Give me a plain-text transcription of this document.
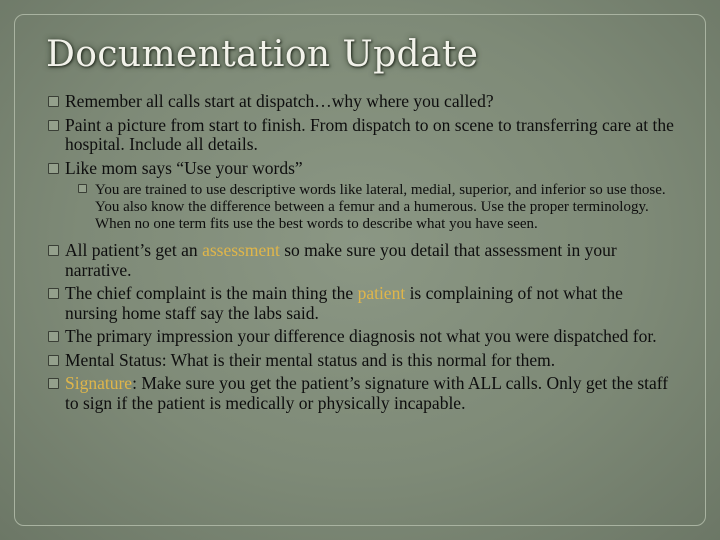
Documentation Update
Remember all calls start at dispatch…why where you called?
Paint a picture from start to finish. From dispatch to on scene to transferring care at the hospital. Include all details.
Like mom says “Use your words”
You are trained to use descriptive words like lateral, medial, superior, and inferior so use those. You also know the difference between a femur and a humerous. Use the proper terminology. When no one term fits use the best words to describe what you have seen.
All patient’s get an assessment so make sure you detail that assessment in your narrative.
The chief complaint is the main thing the patient is complaining of not what the nursing home staff say the labs said.
The primary impression your difference diagnosis not what you were dispatched for.
Mental Status: What is their mental status and is this normal for them.
Signature: Make sure you get the patient’s signature with ALL calls. Only get the staff to sign if the patient is medically or physically incapable.
